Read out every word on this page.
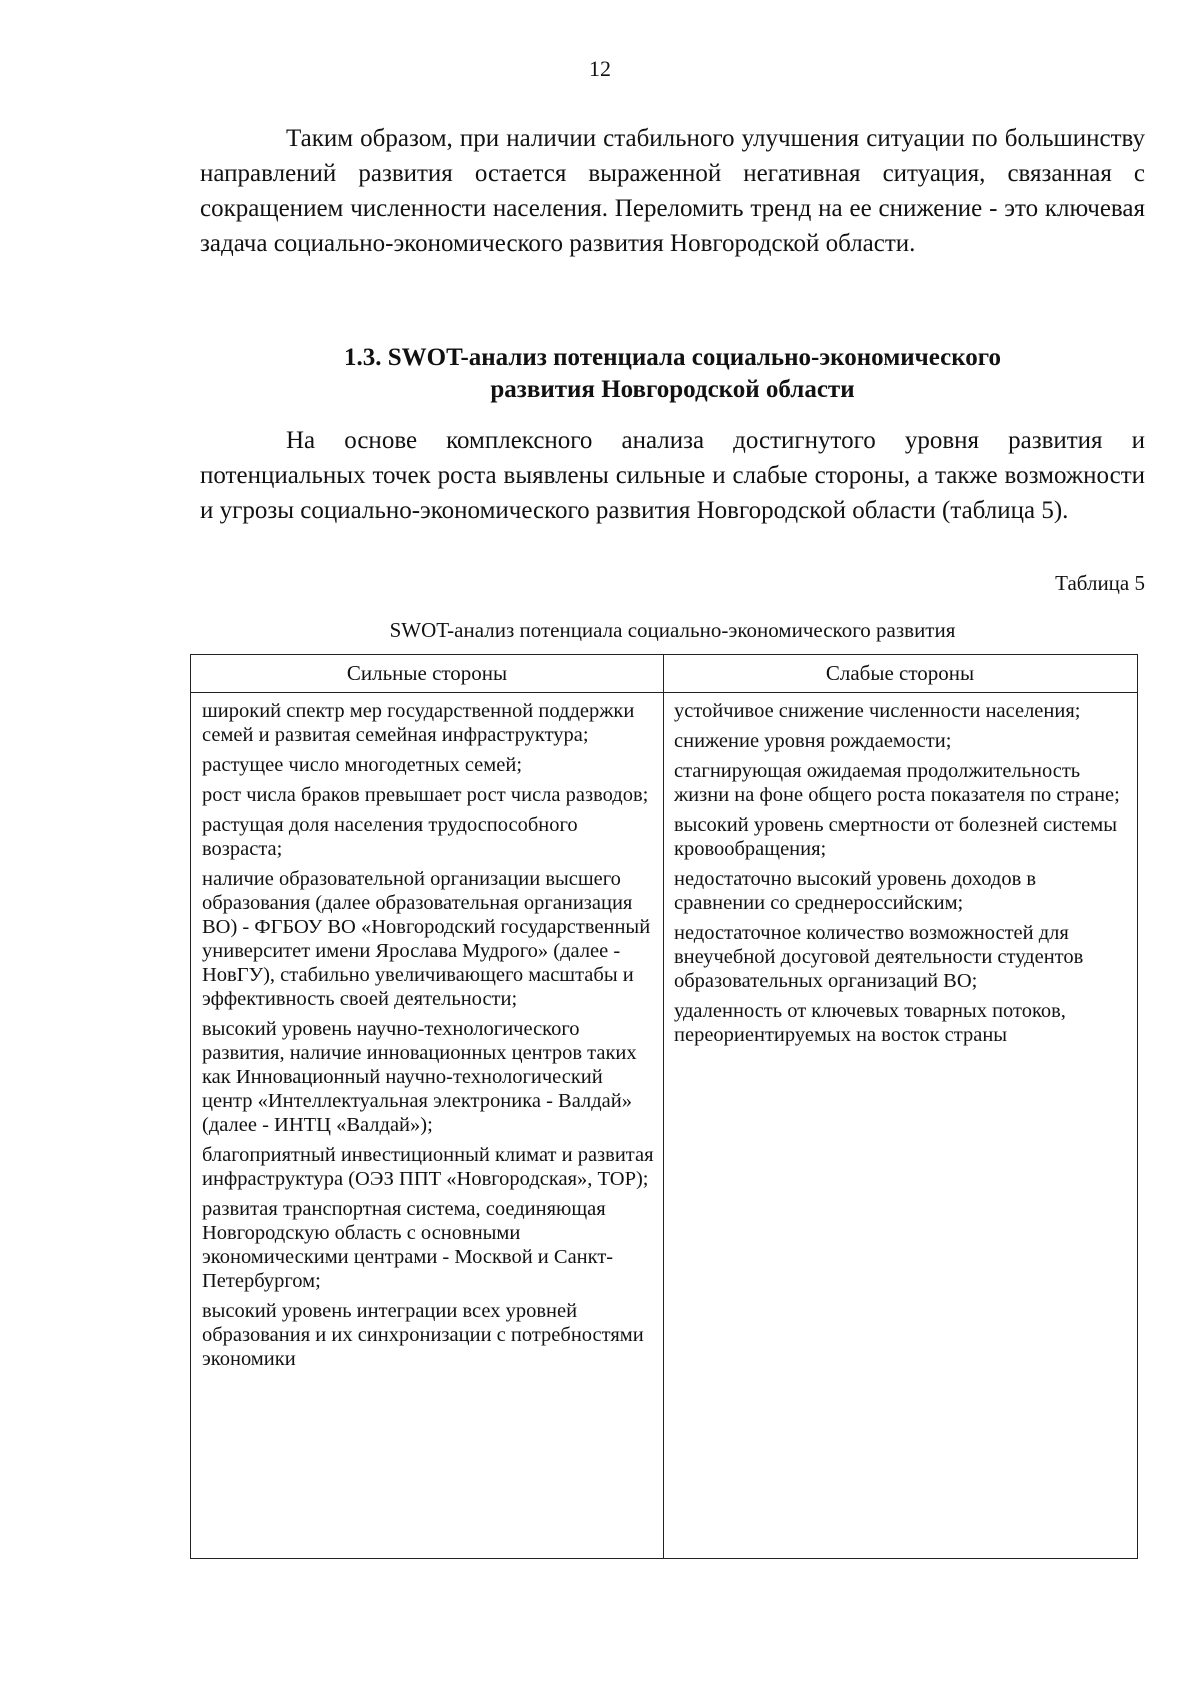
12

Таким образом, при наличии стабильного улучшения ситуации по большинству направлений развития остается выраженной негативная ситуация, связанная с сокращением численности населения. Переломить тренд на ее снижение - это ключевая задача социально-экономического развития Новгородской области.

1.3. SWOT-анализ потенциала социально-экономического
развития Новгородской области

На основе комплексного анализа достигнутого уровня развития и потенциальных точек роста выявлены сильные и слабые стороны, а также возможности и угрозы социально-экономического развития Новгородской области (таблица 5).

Таблица 5
SWOT-анализ потенциала социально-экономического развития
Сильные стороны	Слабые стороны

широкий спектр мер государственной поддержки семей и развитая семейная инфраструктура;

растущее число многодетных семей;

рост числа браков превышает рост числа разводов;

растущая доля населения трудоспособного возраста;

наличие образовательной организации высшего образования (далее образовательная организация ВО) - ФГБОУ ВО «Новгородский государственный университет имени Ярослава Мудрого» (далее - НовГУ), стабильно увеличивающего масштабы и эффективность своей деятельности;

высокий уровень научно-технологического развития, наличие инновационных центров таких как Инновационный научно-технологический центр «Интеллектуальная электроника - Валдай» (далее - ИНТЦ «Валдай»);

благоприятный инвестиционный климат и развитая инфраструктура (ОЭЗ ППТ «Новгородская», ТОР);

развитая транспортная система, соединяющая Новгородскую область с основными экономическими центрами - Москвой и Санкт- Петербургом;

высокий уровень интеграции всех уровней образования и их синхронизации с потребностями экономики

устойчивое снижение численности населения;

снижение уровня рождаемости;

стагнирующая ожидаемая продолжительность жизни на фоне общего роста показателя по стране;

высокий уровень смертности от болезней системы кровообращения;

недостаточно высокий уровень доходов в сравнении со среднероссийским;

недостаточное количество возможностей для внеучебной досуговой деятельности студентов образовательных организаций ВО;

удаленность от ключевых товарных потоков, переориентируемых на восток страны
